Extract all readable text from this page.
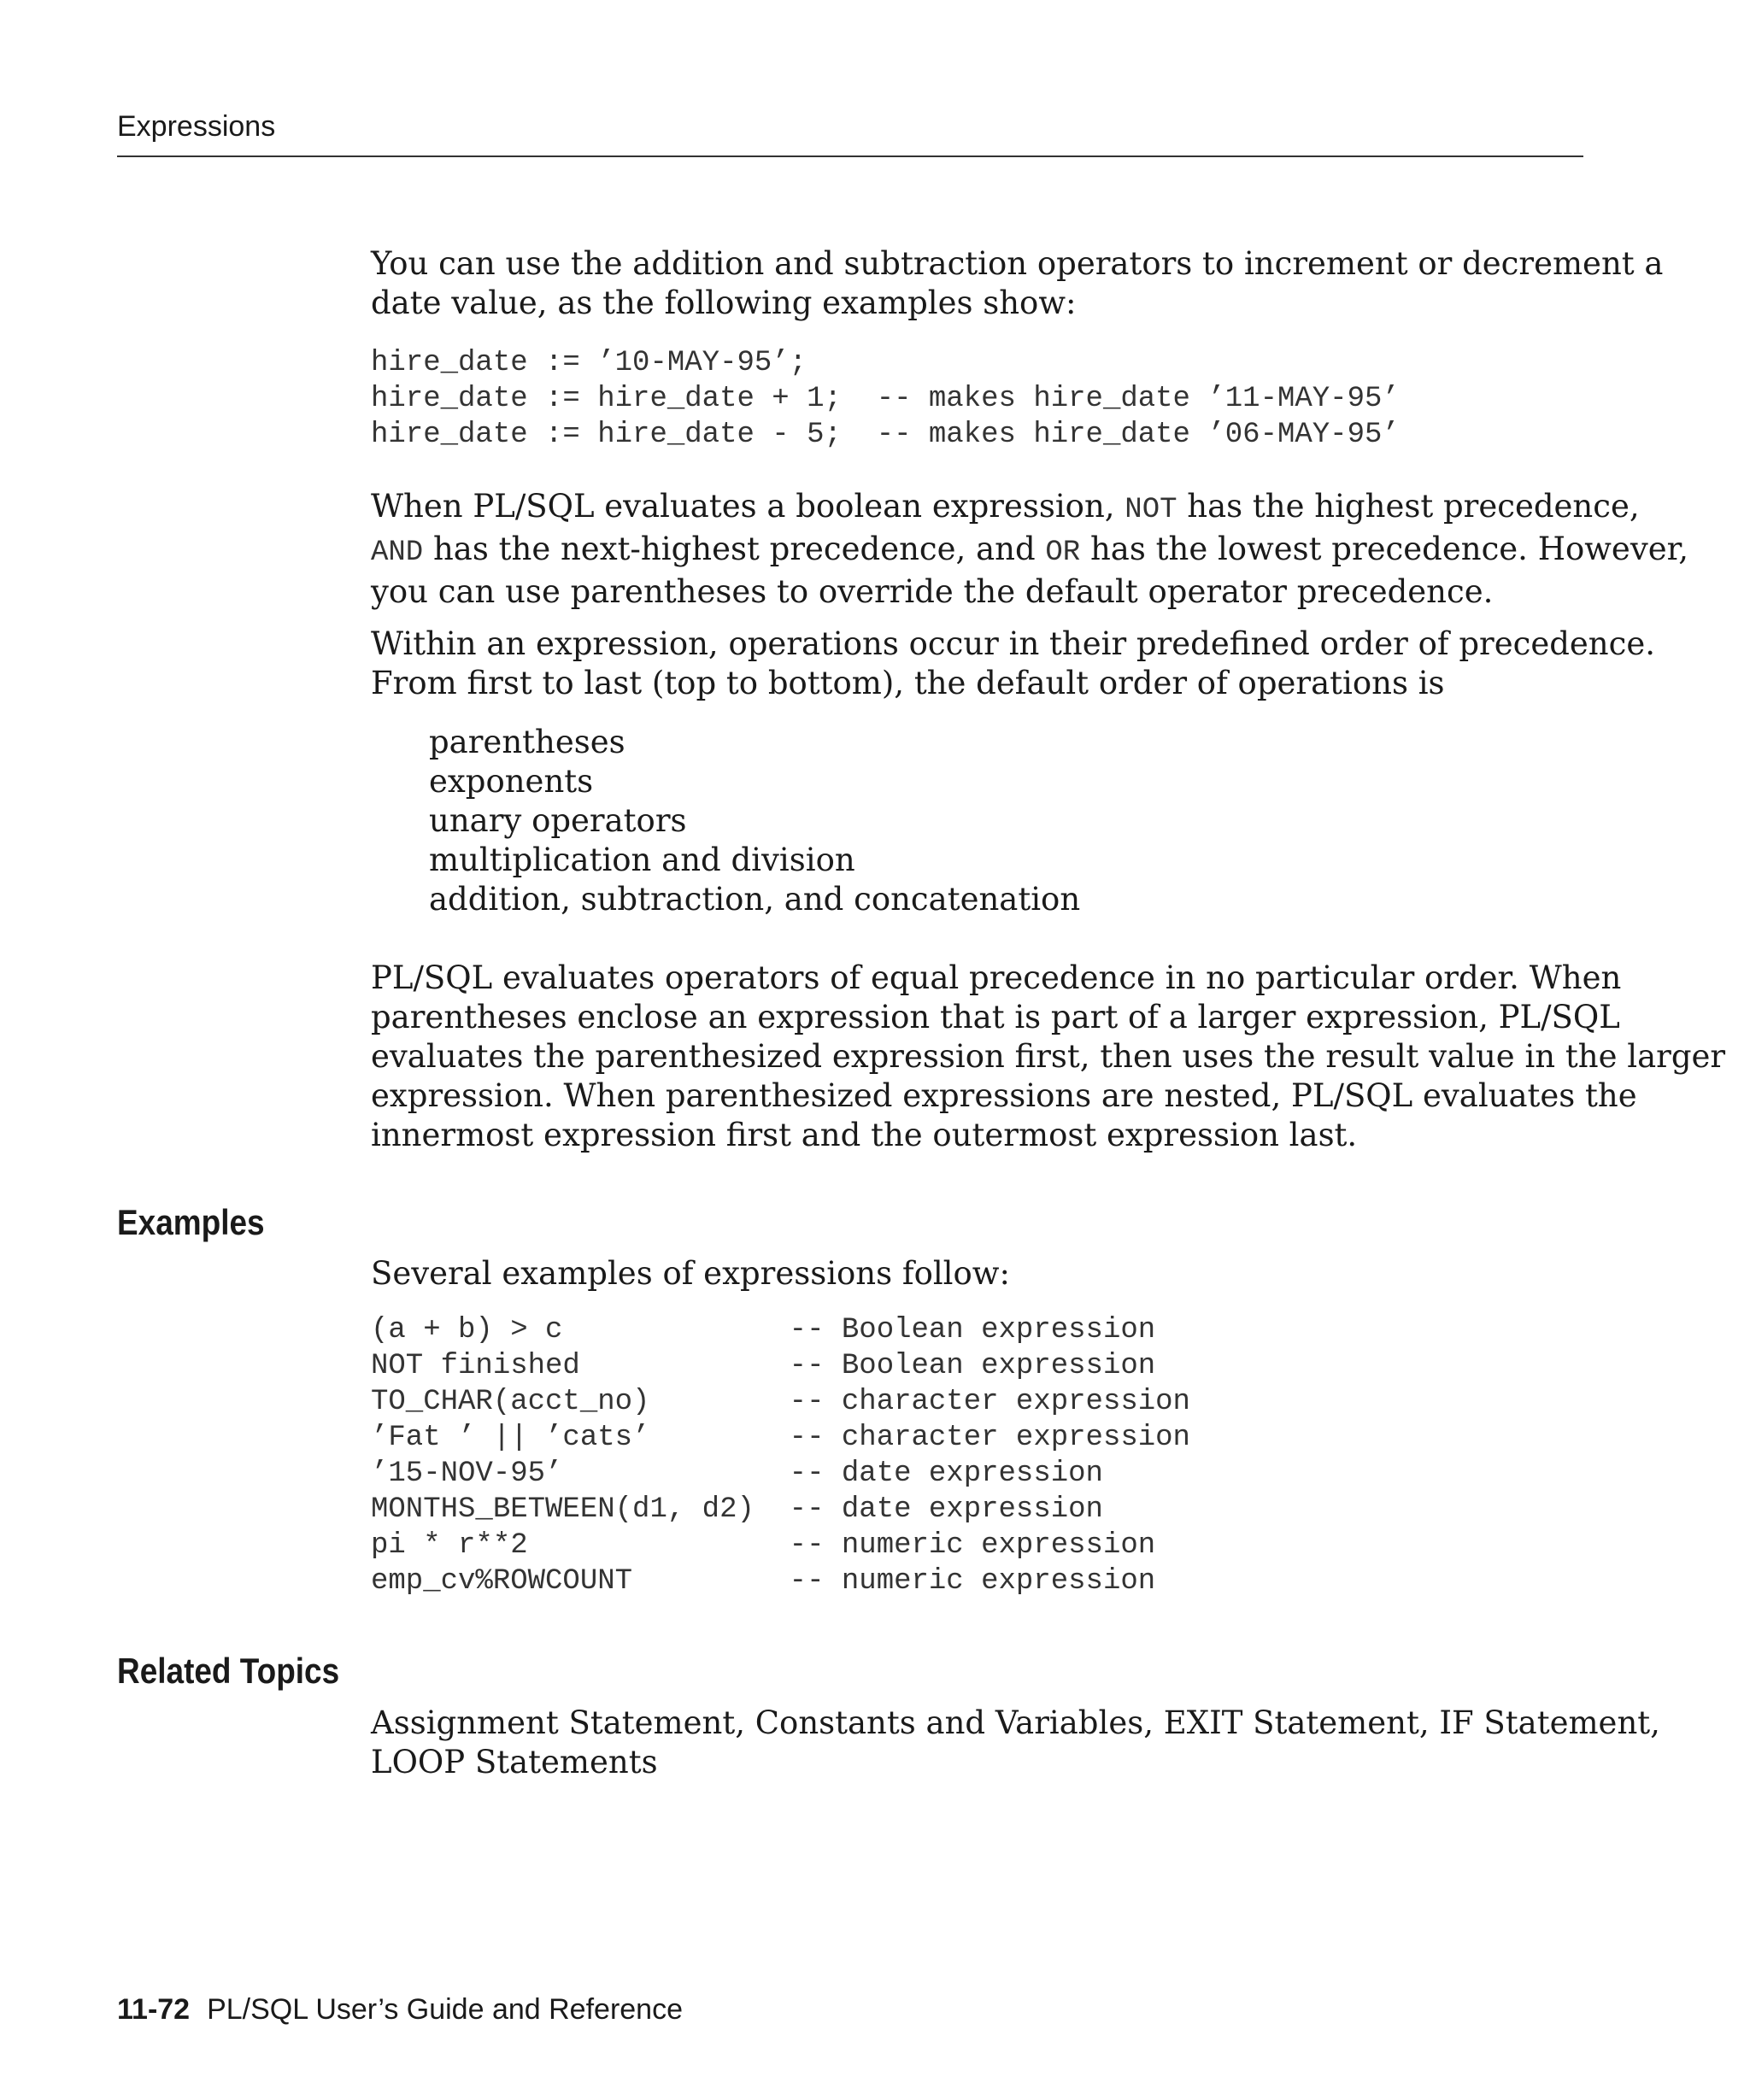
Expressions

You can use the addition and subtraction operators to increment or decrement a
date value, as the following examples show:

hire_date := ’10-MAY-95’;
hire_date := hire_date + 1;  -- makes hire_date ’11-MAY-95’
hire_date := hire_date - 5;  -- makes hire_date ’06-MAY-95’

When PL/SQL evaluates a boolean expression, NOT has the highest precedence,
AND has the next-highest precedence, and OR has the lowest precedence. However,
you can use parentheses to override the default operator precedence.

Within an expression, operations occur in their predefined order of precedence.
From first to last (top to bottom), the default order of operations is

parentheses
exponents
unary operators
multiplication and division
addition, subtraction, and concatenation

PL/SQL evaluates operators of equal precedence in no particular order. When
parentheses enclose an expression that is part of a larger expression, PL/SQL
evaluates the parenthesized expression first, then uses the result value in the larger
expression. When parenthesized expressions are nested, PL/SQL evaluates the
innermost expression first and the outermost expression last.

Examples

Several examples of expressions follow:

(a + b) > c             -- Boolean expression
NOT finished            -- Boolean expression
TO_CHAR(acct_no)        -- character expression
’Fat ’ || ’cats’        -- character expression
’15-NOV-95’             -- date expression
MONTHS_BETWEEN(d1, d2)  -- date expression
pi * r**2               -- numeric expression
emp_cv%ROWCOUNT         -- numeric expression
Related Topics

Assignment Statement, Constants and Variables, EXIT Statement, IF Statement,
LOOP Statements

11-72 PL/SQL User’s Guide and Reference
